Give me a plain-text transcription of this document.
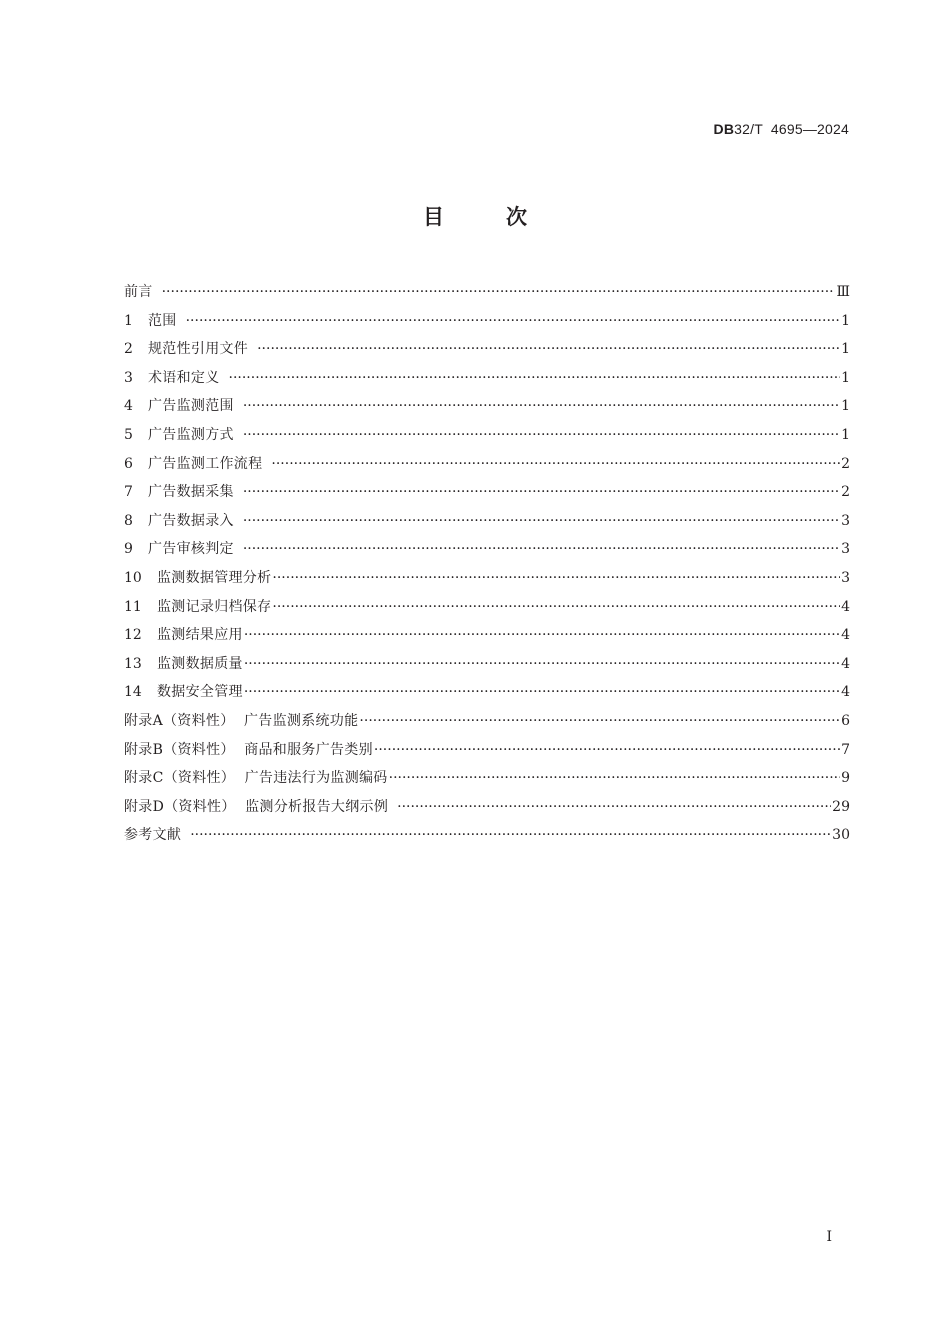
DB32/T  4695—2024
目	次
前言 ·····	Ⅲ
1	范围 ·····	1
2	规范性引用文件 ·····	1
3	术语和定义 ·····	1
4	广告监测范围 ·····	1
5	广告监测方式 ·····	1
6	广告监测工作流程 ·····	2
7	广告数据采集 ·····	2
8	广告数据录入 ·····	3
9	广告审核判定 ·····	3
10	监测数据管理分析 ·····	3
11	监测记录归档保存 ·····	4
12	监测结果应用 ·····	4
13	监测数据质量 ·····	4
14	数据安全管理 ·····	4
附录A（资料性）  广告监测系统功能 ·····	6
附录B（资料性）  商品和服务广告类别 ·····	7
附录C（资料性）  广告违法行为监测编码 ·····	9
附录D（资料性）  监测分析报告大纲示例 ·····	29
参考文献 ·····	30
I
